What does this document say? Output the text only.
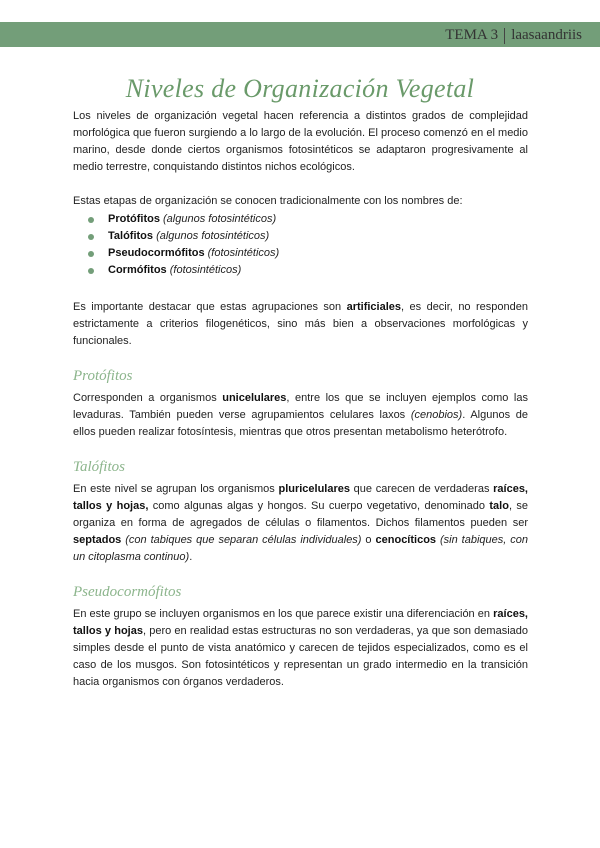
TEMA 3 laasaandriis
Niveles de Organización Vegetal

Los niveles de organización vegetal hacen referencia a distintos grados de complejidad morfológica que fueron surgiendo a lo largo de la evolución. El proceso comenzó en el medio marino, desde donde ciertos organismos fotosintéticos se adaptaron progresivamente al medio terrestre, conquistando distintos nichos ecológicos.

Estas etapas de organización se conocen tradicionalmente con los nombres de:

Protófitos (algunos fotosintéticos)
Talófitos (algunos fotosintéticos)
Pseudocormófitos (fotosintéticos)
Cormófitos (fotosintéticos)

Es importante destacar que estas agrupaciones son artificiales, es decir, no responden estrictamente a criterios filogenéticos, sino más bien a observaciones morfológicas y funcionales.

Protófitos

Corresponden a organismos unicelulares, entre los que se incluyen ejemplos como las levaduras. También pueden verse agrupamientos celulares laxos (cenobios). Algunos de ellos pueden realizar fotosíntesis, mientras que otros presentan metabolismo heterótrofo.

Talófitos

En este nivel se agrupan los organismos pluricelulares que carecen de verdaderas raíces, tallos y hojas, como algunas algas y hongos. Su cuerpo vegetativo, denominado talo, se organiza en forma de agregados de células o filamentos. Dichos filamentos pueden ser septados (con tabiques que separan células individuales) o cenocíticos (sin tabiques, con un citoplasma continuo).

Pseudocormófitos

En este grupo se incluyen organismos en los que parece existir una diferenciación en raíces, tallos y hojas, pero en realidad estas estructuras no son verdaderas, ya que son demasiado simples desde el punto de vista anatómico y carecen de tejidos especializados, como es el caso de los musgos. Son fotosintéticos y representan un grado intermedio en la transición hacia organismos con órganos verdaderos.
